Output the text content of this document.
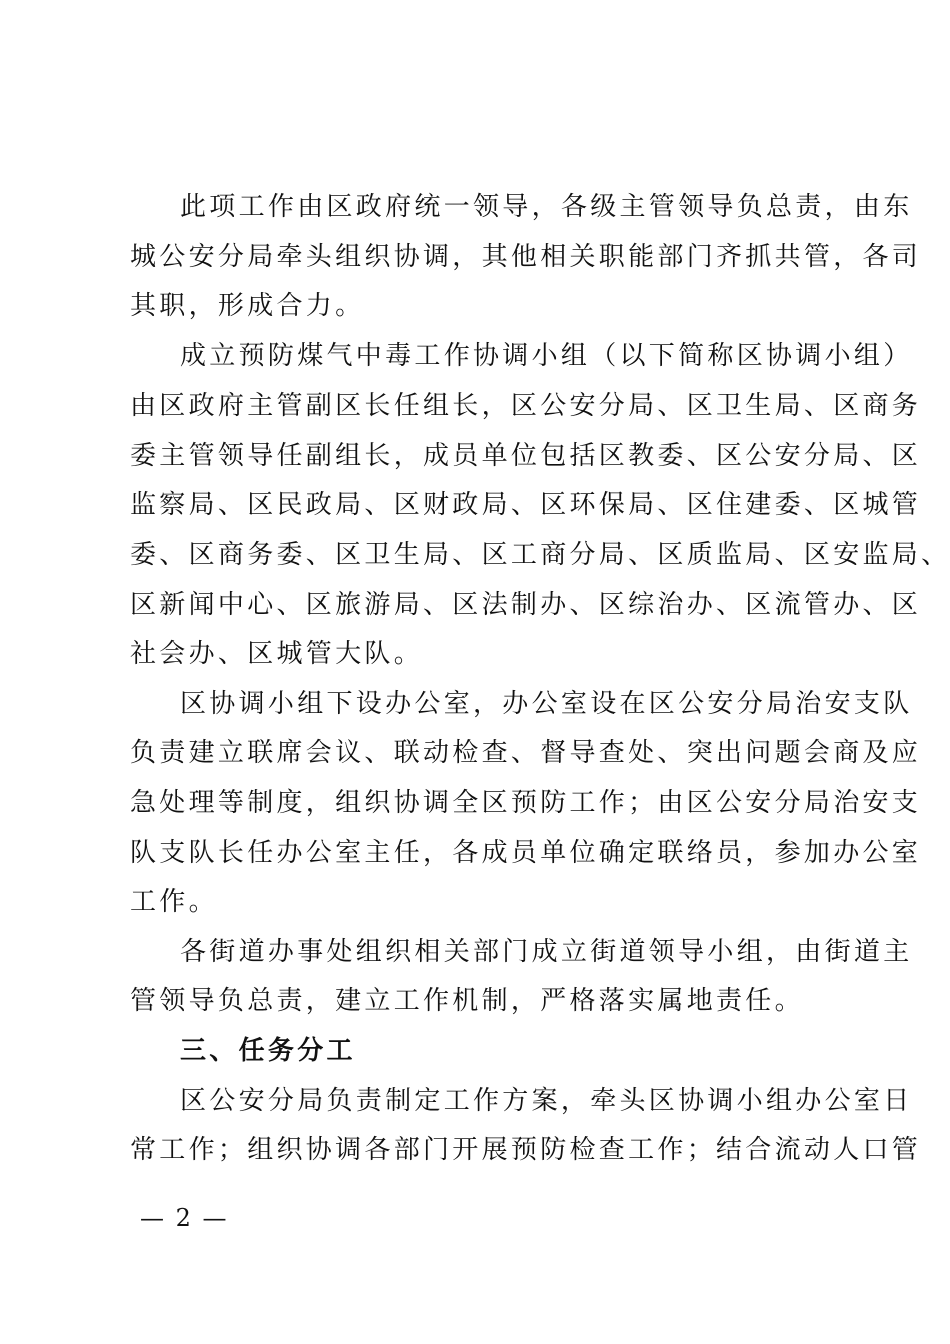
此项工作由区政府统一领导，各级主管领导负总责，由东
城公安分局牵头组织协调，其他相关职能部门齐抓共管，各司
其职，形成合力。
成立预防煤气中毒工作协调小组（以下简称区协调小组）
由区政府主管副区长任组长，区公安分局、区卫生局、区商务
委主管领导任副组长，成员单位包括区教委、区公安分局、区
监察局、区民政局、区财政局、区环保局、区住建委、区城管
委、区商务委、区卫生局、区工商分局、区质监局、区安监局、
区新闻中心、区旅游局、区法制办、区综治办、区流管办、区
社会办、区城管大队。
区协调小组下设办公室，办公室设在区公安分局治安支队
负责建立联席会议、联动检查、督导查处、突出问题会商及应
急处理等制度，组织协调全区预防工作；由区公安分局治安支
队支队长任办公室主任，各成员单位确定联络员，参加办公室
工作。
各街道办事处组织相关部门成立街道领导小组，由街道主
管领导负总责，建立工作机制，严格落实属地责任。
三、任务分工
区公安分局负责制定工作方案，牵头区协调小组办公室日
常工作；组织协调各部门开展预防检查工作；结合流动人口管
— 2 —
